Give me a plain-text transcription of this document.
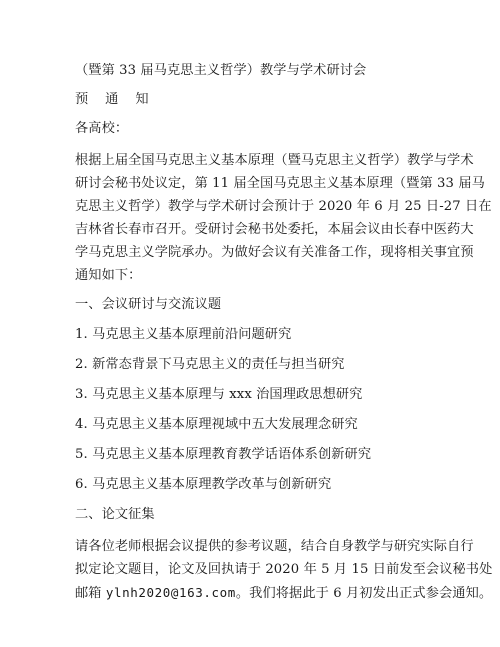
（暨第 33 届马克思主义哲学）教学与学术研讨会
预通知
各高校：
根据上届全国马克思主义基本原理（暨马克思主义哲学）教学与学术
研讨会秘书处议定，第 11 届全国马克思主义基本原理（暨第 33 届马
克思主义哲学）教学与学术研讨会预计于 2020 年 6 月 25 日-27 日在
吉林省长春市召开。受研讨会秘书处委托，本届会议由长春中医药大
学马克思主义学院承办。为做好会议有关准备工作，现将相关事宜预
通知如下：
一、会议研讨与交流议题
1. 马克思主义基本原理前沿问题研究
2. 新常态背景下马克思主义的责任与担当研究
3. 马克思主义基本原理与 xxx 治国理政思想研究
4. 马克思主义基本原理视域中五大发展理念研究
5. 马克思主义基本原理教育教学话语体系创新研究
6. 马克思主义基本原理教学改革与创新研究
二、论文征集
请各位老师根据会议提供的参考议题，结合自身教学与研究实际自行
拟定论文题目，论文及回执请于 2020 年 5 月 15 日前发至会议秘书处
邮箱 ylnh2020@163.com。我们将据此于 6 月初发出正式参会通知。
